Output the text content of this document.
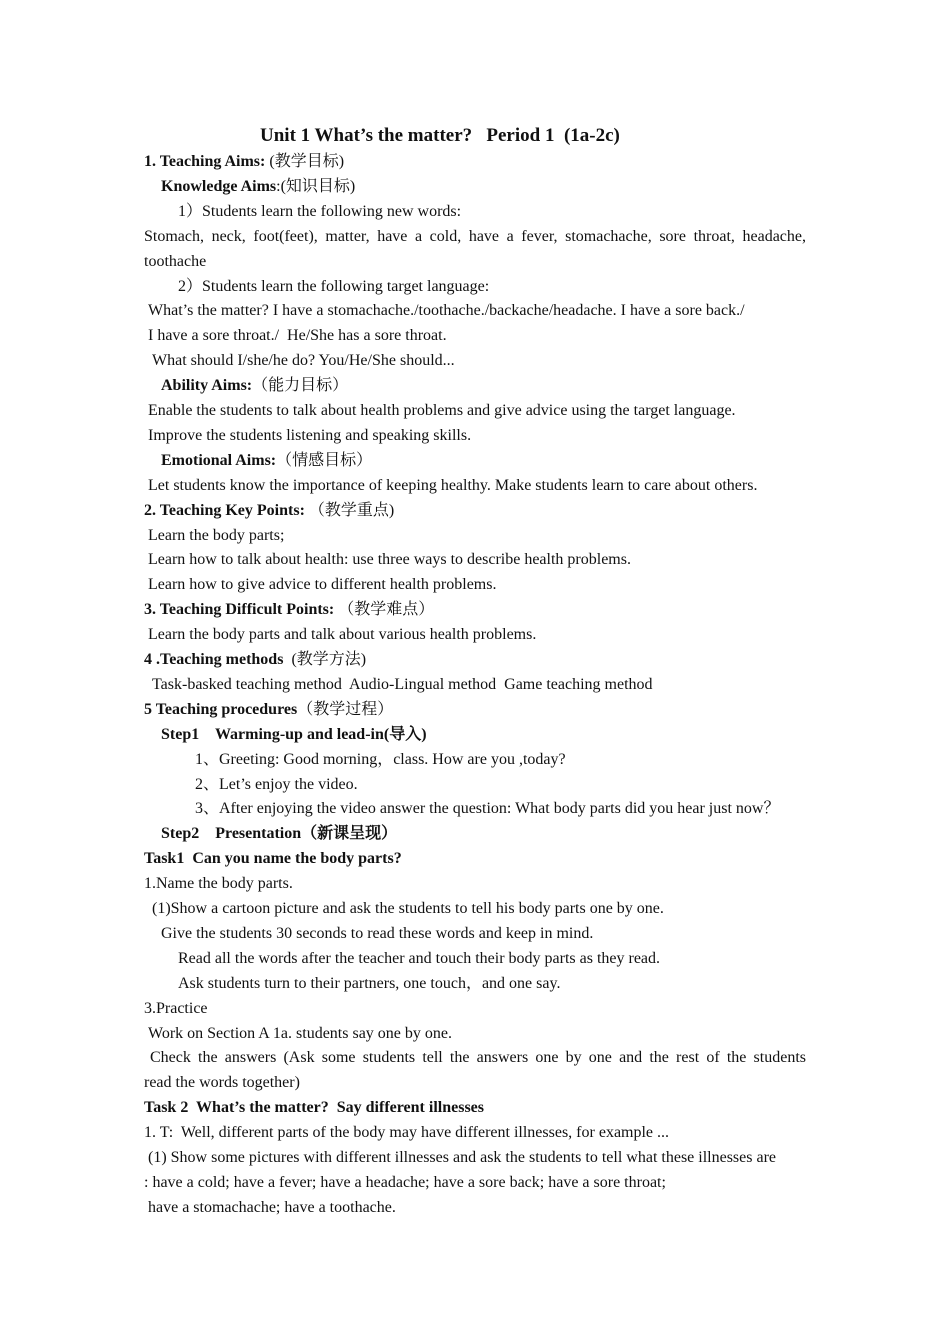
Unit 1 What’s the matter?   Period 1  (1a-2c)
1. Teaching Aims: (教学目标)
Knowledge Aims:(知识目标)
1）Students learn the following new words:
Stomach, neck, foot(feet), matter, have a cold, have a fever, stomachache, sore throat, headache,
toothache
2）Students learn the following target language:
What’s the matter? I have a stomachache./toothache./backache/headache. I have a sore back./
I have a sore throat./  He/She has a sore throat.
What should I/she/he do? You/He/She should...
Ability Aims:（能力目标）
Enable the students to talk about health problems and give advice using the target language.
Improve the students listening and speaking skills.
Emotional Aims:（情感目标）
Let students know the importance of keeping healthy. Make students learn to care about others.
2. Teaching Key Points: （教学重点)
Learn the body parts;
Learn how to talk about health: use three ways to describe health problems.
Learn how to give advice to different health problems.
3. Teaching Difficult Points: （教学难点）
Learn the body parts and talk about various health problems.
4 .Teaching methods  (教学方法)
Task-basked teaching method  Audio-Lingual method  Game teaching method
5 Teaching procedures（教学过程）
Step1    Warming-up and lead-in(导入)
1、Greeting: Good morning，class. How are you ,today?
2、Let’s enjoy the video.
3、After enjoying the video answer the question: What body parts did you hear just now？
Step2    Presentation（新课呈现）
Task1  Can you name the body parts?
1.Name the body parts.
(1)Show a cartoon picture and ask the students to tell his body parts one by one.
Give the students 30 seconds to read these words and keep in mind.
Read all the words after the teacher and touch their body parts as they read.
Ask students turn to their partners, one touch，and one say.
3.Practice
Work on Section A 1a. students say one by one.
Check the answers (Ask some students tell the answers one by one and the rest of the students
read the words together)
Task 2  What’s the matter?  Say different illnesses
1. T:  Well, different parts of the body may have different illnesses, for example ...
(1) Show some pictures with different illnesses and ask the students to tell what these illnesses are
: have a cold; have a fever; have a headache; have a sore back; have a sore throat;
have a stomachache; have a toothache.
